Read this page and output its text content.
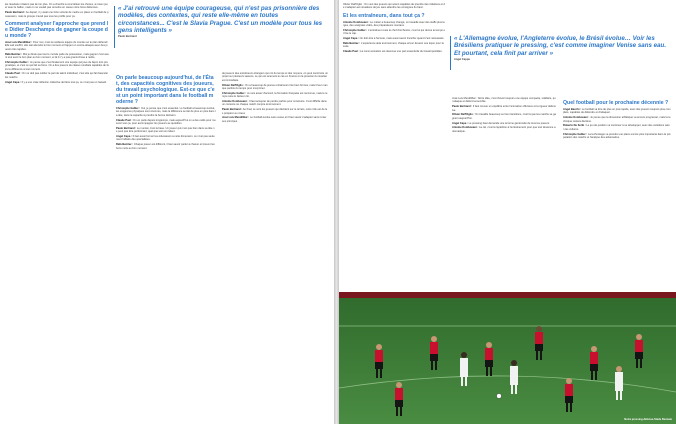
les résultats n'étaient pas là non plus. On a cherché à concrétiser les choses, à mieux jouer avec le ballon, mais on ne voulait pas remettre en cause notre force défensive.

Paulo Bertrand : Au départ, il y avait une forte volonté de mettre en place un football de possession, mais le groupe n'avait pas tous les profils pour ça.

Comment analyser l'approche que prend le Didier Deschamps de gagner la coupe du monde ?

José Luis Mendilibar : Pour moi, c'est la meilleure équipe du monde sur le plan défensif. Elle sait souffrir, elle sait attendre le bon moment et frapper en contre-attaque avec des joueurs très rapides.

Rafa Benítez : Moi je dirais que tout le monde parle de possession, mais gagner c'est avant tout avoir le bon plan au bon moment, et là il n'y a pas grand-chose à redire.

Christophe Galtier : Je pense que c'est finalement une équipe qui joue de façon très pragmatique, et c'est ce qui fait sa force. On a des joueurs de classe mondiale capables de faire la différence à tout moment.

Claude Puel : On ne doit pas oublier la part de talent individuel, c'est elle qui fait basculer les matchs.

Angel Capa : Il y a une vraie réflexion collective derrière tout ça, ce n'est pas un hasard.

« J'ai retrouvé une équipe courageuse, qui n'est pas prisonnière des modèles, des contextes, qui reste elle-même en toutes circonstances... C'est le Slavia Prague. C'est un modèle pour tous les gens intelligents »
Paulo Bertrand
On parle beaucoup aujourd'hui, de l'État, des capacités cognitives des joueurs, du travail psychologique. Est-ce que c'est un point important dans le football moderne ?

Christophe Galtier : Oui, je pense que c'est essentiel. Le football a beaucoup évolué, les exigences physiques sont énormes, mais la différence se fait de plus en plus dans la tête, dans la capacité à prendre la bonne décision.

Claude Puel : On en parle depuis longtemps, mais aujourd'hui on a des outils pour mesurer tout ça, pour accompagner les joueurs au quotidien.

Paulo Bertrand : Le mental, c'est la base. Un joueur qui n'est pas bien dans sa tête ne peut pas être performant, quel que soit son talent.

Angel Capa : Il faut aussi former les éducateurs à cette dimension, ce n'est pas seulement l'affaire des spécialistes.

Rafa Benítez : Chaque joueur est différent, il faut savoir parler à chacun et trouver les bons mots au bon moment.

de joueurs des entraîneurs étrangers qui ont du temps et des moyens, on peut construire un projet sur plusieurs saisons, ce qui est rarement le cas en France où la pression du résultat est immédiate.

Olivier Dall'Oglio : On a beaucoup de jeunes entraîneurs très bien formés, mais il leur manque parfois du temps pour s'exprimer.

Christophe Galtier : Je suis assez d'accord, la formation française est reconnue, mais le temps reste le facteur clé.

Antoine Kombouaré : Il faut accepter de perdre parfois pour construire. C'est difficile dans un contexte où chaque match compte énormément.

Paulo Bertrand : Au final, ce sont les joueurs qui décident sur le terrain, notre rôle est de les préparer au mieux.

José Luis Mendilibar : Le football évolue sans cesse et il faut savoir s'adapter sans renier ses principes.

Olivier Dall'Oglio : On veut des joueurs qui soient capables de prendre des initiatives et de s'adapter aux situations de jeu sans attendre les consignes du banc.

Et les entraîneurs, dans tout ça ?

Antoine Kombouaré : Le métier a beaucoup changé, on travaille avec des staffs plus larges, des analystes vidéo, des préparateurs mentaux.

Christophe Galtier : L'entraîneur reste le chef d'orchestre, c'est lui qui donne le tempo et fixe le cap.

Angel Capa : On doit être à l'écoute, mais aussi savoir trancher quand c'est nécessaire.

Rafa Benítez : L'expérience aide énormément, chaque erreur devient une leçon pour la suite.

Claude Puel : La communication est devenue une part essentielle du travail quotidien.

« L'Allemagne évolue, l'Angleterre évolue, le Brésil évolue… Voir les Brésiliens pratiquer le pressing, c'est comme imaginer Venise sans eau. Et pourtant, cela finit par arriver »
Angel Cappa

José Luis Mendilibar : Notre idée, c'est d'avoir toujours une équipe compacte, solidaire, qui attaque et défend ensemble.

Paulo Bertrand : Il faut trouver un équilibre entre l'animation offensive et la rigueur défensive.

Olivier Dall'Oglio : On travaille beaucoup sur les transitions, c'est là que les matchs se gagnent aujourd'hui.

Angel Capa : Le pressing haut demande une énorme générosité de tous les joueurs.

Antoine Kombouaré : La clé, c'est la répétition à l'entraînement pour que tout devienne automatique.

Quel football pour le prochaine décennie ?

Angel Bacchi : Le football va être de plus en plus rapide, avec des joueurs toujours plus complets, capables de défendre et d'attaquer.

Antoine Kombouaré : Je pense que la dimension athlétique va encore progresser, mais la technique restera décisive.

Roberto De Zerbi : Le jeu de position va continuer à se développer, avec des variations selon les cultures.

Christophe Galtier : La technologie va prendre une place encore plus importante dans la préparation des matchs et l'analyse des adversaires.

Notre pressing-défense-Stade Rennais
